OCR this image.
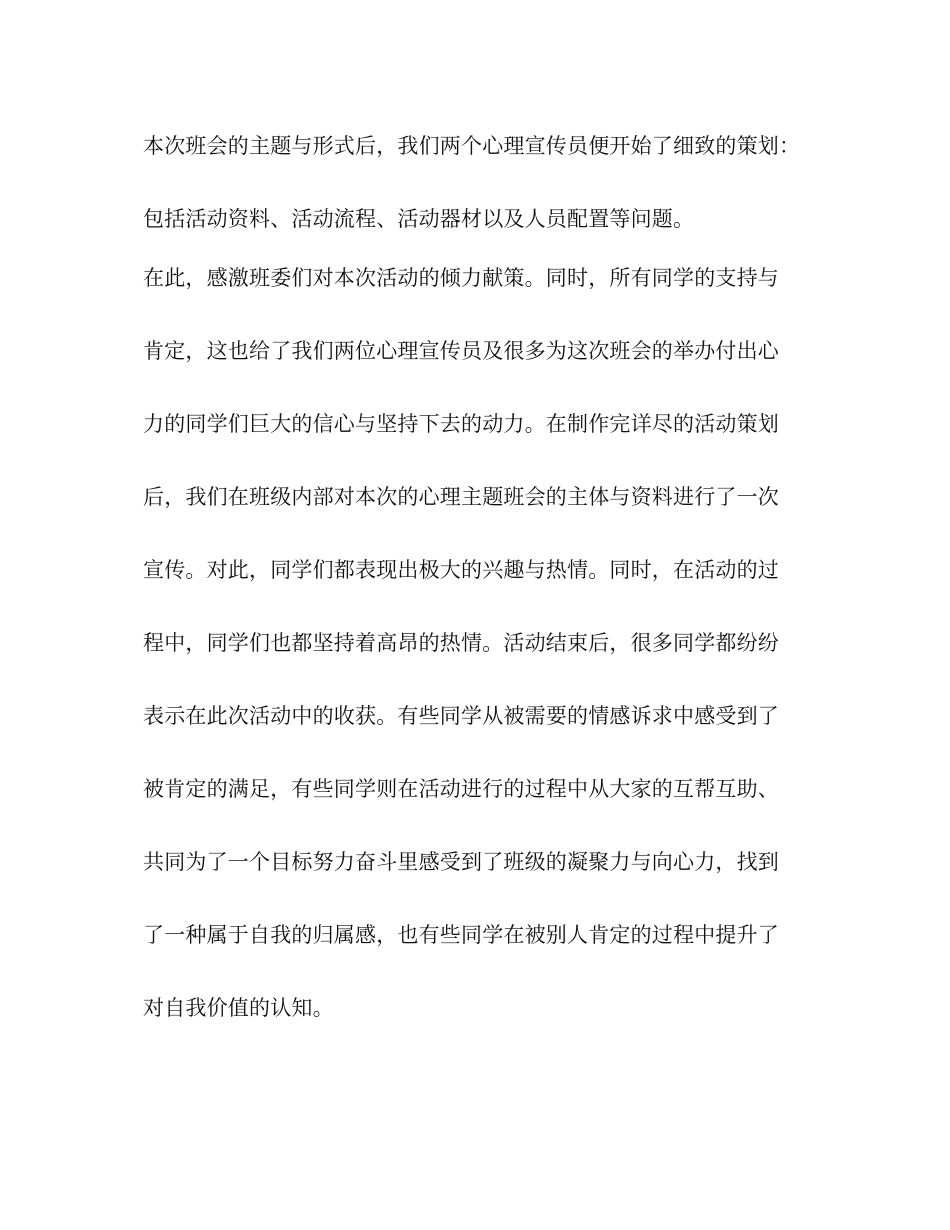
本次班会的主题与形式后，我们两个心理宣传员便开始了细致的策划：
包括活动资料、活动流程、活动器材以及人员配置等问题。
在此，感激班委们对本次活动的倾力献策。同时，所有同学的支持与
肯定，这也给了我们两位心理宣传员及很多为这次班会的举办付出心
力的同学们巨大的信心与坚持下去的动力。在制作完详尽的活动策划
后，我们在班级内部对本次的心理主题班会的主体与资料进行了一次
宣传。对此，同学们都表现出极大的兴趣与热情。同时，在活动的过
程中，同学们也都坚持着高昂的热情。活动结束后，很多同学都纷纷
表示在此次活动中的收获。有些同学从被需要的情感诉求中感受到了
被肯定的满足，有些同学则在活动进行的过程中从大家的互帮互助、
共同为了一个目标努力奋斗里感受到了班级的凝聚力与向心力，找到
了一种属于自我的归属感，也有些同学在被别人肯定的过程中提升了
对自我价值的认知。
